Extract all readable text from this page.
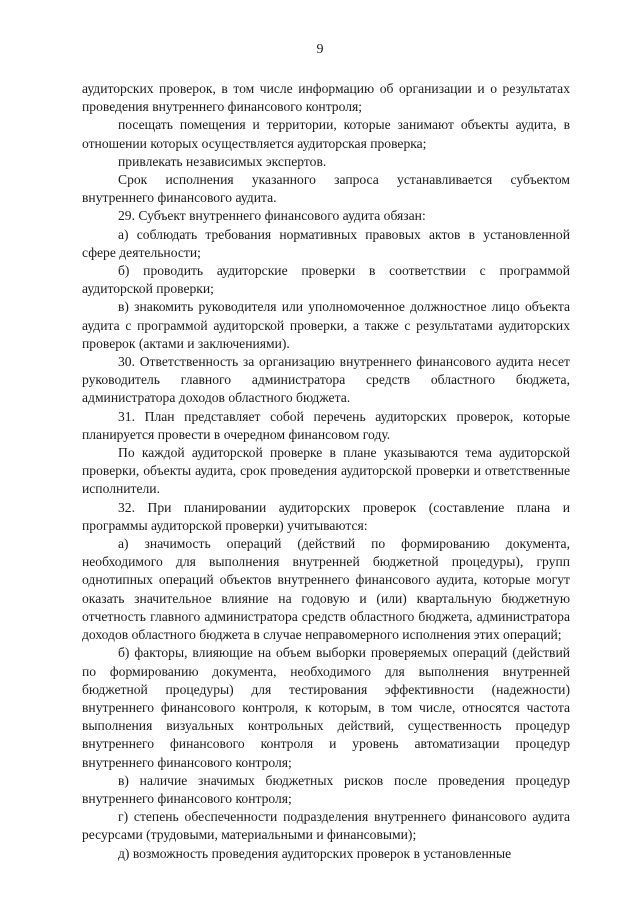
9

аудиторских проверок, в том числе информацию об организации и о результатах проведения внутреннего финансового контроля;

посещать помещения и территории, которые занимают объекты аудита, в отношении которых осуществляется аудиторская проверка;

привлекать независимых экспертов.

Срок исполнения указанного запроса устанавливается субъектом внутреннего финансового аудита.

29. Субъект внутреннего финансового аудита обязан:

а) соблюдать требования нормативных правовых актов в установленной сфере деятельности;

б) проводить аудиторские проверки в соответствии с программой аудиторской проверки;

в) знакомить руководителя или уполномоченное должностное лицо объекта аудита с программой аудиторской проверки, а также с результатами аудиторских проверок (актами и заключениями).

30. Ответственность за организацию внутреннего финансового аудита несет руководитель главного администратора средств областного бюджета, администратора доходов областного бюджета.

31. План представляет собой перечень аудиторских проверок, которые планируется провести в очередном финансовом году.

По каждой аудиторской проверке в плане указываются тема аудиторской проверки, объекты аудита, срок проведения аудиторской проверки и ответственные исполнители.

32. При планировании аудиторских проверок (составление плана и программы аудиторской проверки) учитываются:

а) значимость операций (действий по формированию документа, необходимого для выполнения внутренней бюджетной процедуры), групп однотипных операций объектов внутреннего финансового аудита, которые могут оказать значительное влияние на годовую и (или) квартальную бюджетную отчетность главного администратора средств областного бюджета, администратора доходов областного бюджета в случае неправомерного исполнения этих операций;

б) факторы, влияющие на объем выборки проверяемых операций (действий по формированию документа, необходимого для выполнения внутренней бюджетной процедуры) для тестирования эффективности (надежности) внутреннего финансового контроля, к которым, в том числе, относятся частота выполнения визуальных контрольных действий, существенность процедур внутреннего финансового контроля и уровень автоматизации процедур внутреннего финансового контроля;

в) наличие значимых бюджетных рисков после проведения процедур внутреннего финансового контроля;

г) степень обеспеченности подразделения внутреннего финансового аудита ресурсами (трудовыми, материальными и финансовыми);

д) возможность проведения аудиторских проверок в установленные
